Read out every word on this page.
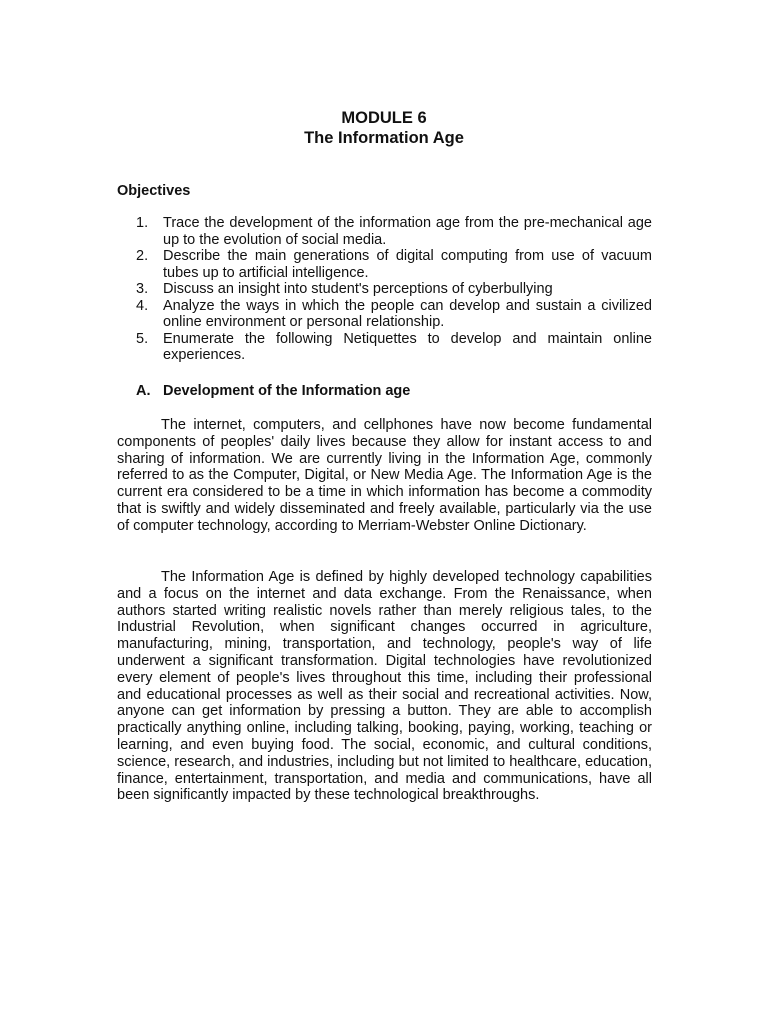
MODULE 6
The Information Age
Objectives
1.	Trace the development of the information age from the pre-mechanical age up to the evolution of social media.
2.	Describe the main generations of digital computing from use of vacuum tubes up to artificial intelligence.
3.	Discuss an insight into student's perceptions of cyberbullying
4.	Analyze the ways in which the people can develop and sustain a civilized online environment or personal relationship.
5.	Enumerate the following Netiquettes to develop and maintain online experiences.
A. Development of the Information age

The internet, computers, and cellphones have now become fundamental components of peoples' daily lives because they allow for instant access to and sharing of information. We are currently living in the Information Age, commonly referred to as the Computer, Digital, or New Media Age. The Information Age is the current era considered to be a time in which information has become a commodity that is swiftly and widely disseminated and freely available, particularly via the use of computer technology, according to Merriam-Webster Online Dictionary.

The Information Age is defined by highly developed technology capabilities and a focus on the internet and data exchange. From the Renaissance, when authors started writing realistic novels rather than merely religious tales, to the Industrial Revolution, when significant changes occurred in agriculture, manufacturing, mining, transportation, and technology, people's way of life underwent a significant transformation. Digital technologies have revolutionized every element of people's lives throughout this time, including their professional and educational processes as well as their social and recreational activities. Now, anyone can get information by pressing a button. They are able to accomplish practically anything online, including talking, booking, paying, working, teaching or learning, and even buying food. The social, economic, and cultural conditions, science, research, and industries, including but not limited to healthcare, education, finance, entertainment, transportation, and media and communications, have all been significantly impacted by these technological breakthroughs.
